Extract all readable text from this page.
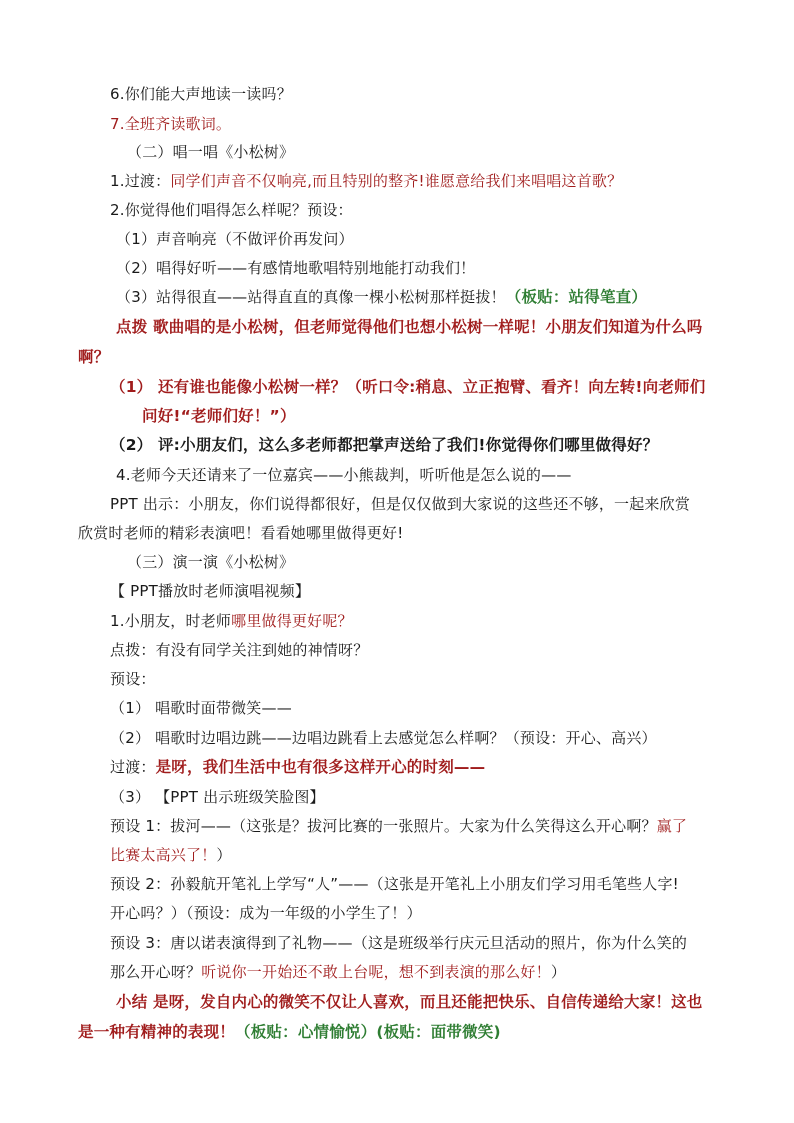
6.你们能大声地读一读吗？
7.全班齐读歌词。
（二）唱一唱《小松树》
1.过渡：同学们声音不仅响亮,而且特别的整齐!谁愿意给我们来唱唱这首歌？
2.你觉得他们唱得怎么样呢？预设：
（1）声音响亮（不做评价再发问）
（2）唱得好听——有感情地歌唱特别地能打动我们！
（3）站得很直——站得直直的真像一棵小松树那样挺拔！（板贴：站得笔直）
点拨 歌曲唱的是小松树，但老师觉得他们也想小松树一样呢！小朋友们知道为什么吗
啊？
（1） 还有谁也能像小松树一样？（听口令:稍息、立正抱臂、看齐！向左转!向老师们
问好!“老师们好！”）
（2） 评:小朋友们，这么多老师都把掌声送给了我们!你觉得你们哪里做得好？
4.老师今天还请来了一位嘉宾——小熊裁判，听听他是怎么说的——
PPT 出示：小朋友，你们说得都很好，但是仅仅做到大家说的这些还不够，一起来欣赏
欣赏时老师的精彩表演吧！看看她哪里做得更好!
（三）演一演《小松树》
【 PPT播放时老师演唱视频】
1.小朋友，时老师哪里做得更好呢？
点拨：有没有同学关注到她的神情呀？
预设：
（1） 唱歌时面带微笑——
（2） 唱歌时边唱边跳——边唱边跳看上去感觉怎么样啊？（预设：开心、高兴）
过渡：是呀，我们生活中也有很多这样开心的时刻——
（3） 【PPT 出示班级笑脸图】
预设 1：拔河——（这张是？拔河比赛的一张照片。大家为什么笑得这么开心啊？赢了
比赛太高兴了！）
预设 2：孙毅航开笔礼上学写“人”——（这张是开笔礼上小朋友们学习用毛笔些人字!
开心吗？）（预设：成为一年级的小学生了！）
预设 3：唐以诺表演得到了礼物——（这是班级举行庆元旦活动的照片，你为什么笑的
那么开心呀？听说你一开始还不敢上台呢，想不到表演的那么好！）
小结 是呀，发自内心的微笑不仅让人喜欢，而且还能把快乐、自信传递给大家！这也
是一种有精神的表现！（板贴：心情愉悦）(板贴：面带微笑)
